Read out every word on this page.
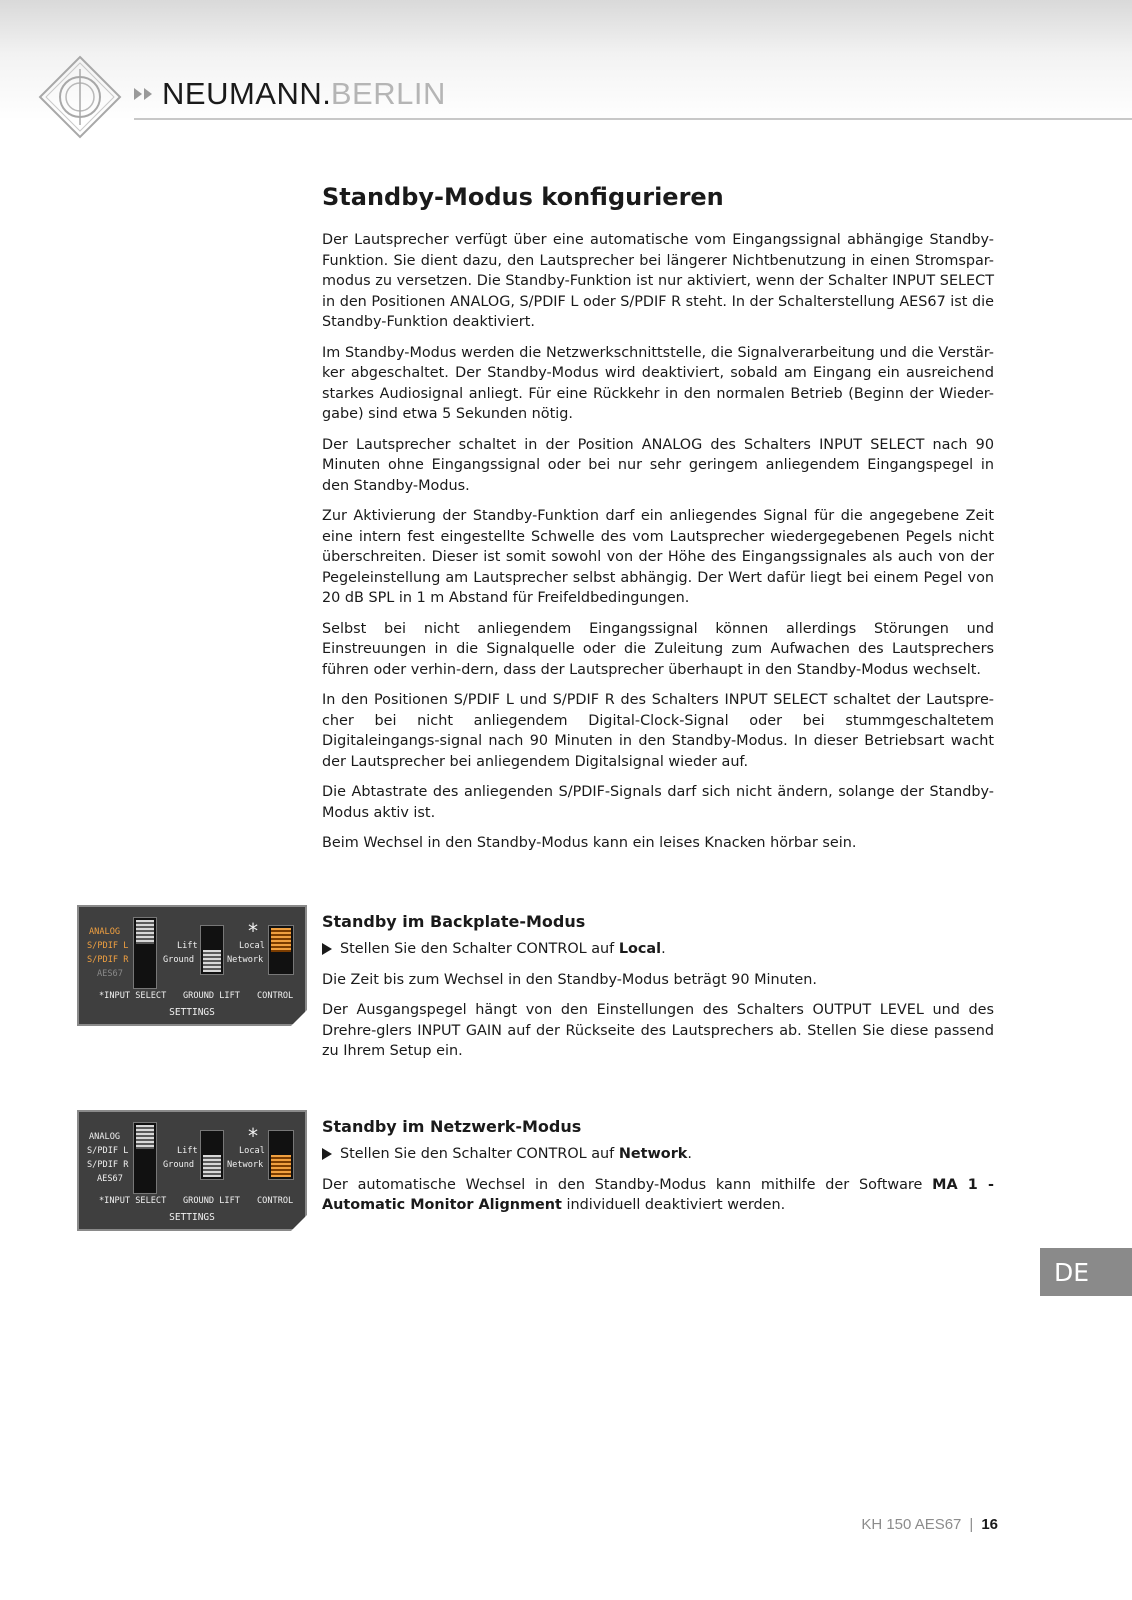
NEUMANN . BERLIN
Standby-Modus konfigurieren

Der Lautsprecher verfügt über eine automatische vom Eingangssignal abhängige Standby-Funktion. Sie dient dazu, den Lautsprecher bei längerer Nichtbenutzung in einen Stromspar-modus zu versetzen. Die Standby-Funktion ist nur aktiviert, wenn der Schalter INPUT SELECT in den Positionen ANALOG, S/PDIF L oder S/PDIF R steht. In der Schalterstellung AES67 ist die Standby-Funktion deaktiviert.

Im Standby-Modus werden die Netzwerkschnittstelle, die Signalverarbeitung und die Verstär-ker abgeschaltet. Der Standby-Modus wird deaktiviert, sobald am Eingang ein ausreichend starkes Audiosignal anliegt. Für eine Rückkehr in den normalen Betrieb (Beginn der Wieder-gabe) sind etwa 5 Sekunden nötig.

Der Lautsprecher schaltet in der Position ANALOG des Schalters INPUT SELECT nach 90 Minuten ohne Eingangssignal oder bei nur sehr geringem anliegendem Eingangspegel in den Standby-Modus.

Zur Aktivierung der Standby-Funktion darf ein anliegendes Signal für die angegebene Zeit eine intern fest eingestellte Schwelle des vom Lautsprecher wiedergegebenen Pegels nicht überschreiten. Dieser ist somit sowohl von der Höhe des Eingangssignales als auch von der Pegeleinstellung am Lautsprecher selbst abhängig. Der Wert dafür liegt bei einem Pegel von 20 dB SPL in 1 m Abstand für Freifeldbedingungen.

Selbst bei nicht anliegendem Eingangssignal können allerdings Störungen und Einstreuungen in die Signalquelle oder die Zuleitung zum Aufwachen des Lautsprechers führen oder verhin-dern, dass der Lautsprecher überhaupt in den Standby-Modus wechselt.

In den Positionen S/PDIF L und S/PDIF R des Schalters INPUT SELECT schaltet der Lautspre-cher bei nicht anliegendem Digital-Clock-Signal oder bei stummgeschaltetem Digitaleingangs-signal nach 90 Minuten in den Standby-Modus. In dieser Betriebsart wacht der Lautsprecher bei anliegendem Digitalsignal wieder auf.

Die Abtastrate des anliegenden S/PDIF-Signals darf sich nicht ändern, solange der Standby-Modus aktiv ist.

Beim Wechsel in den Standby-Modus kann ein leises Knacken hörbar sein.

ANALOG
S/PDIF L
S/PDIF R
AES67
Lift
Ground
*
Local
Network
*INPUT SELECT GROUND LIFT CONTROL
SETTINGS
Standby im Backplate-Modus
Stellen Sie den Schalter CONTROL auf Local.

Die Zeit bis zum Wechsel in den Standby-Modus beträgt 90 Minuten.

Der Ausgangspegel hängt von den Einstellungen des Schalters OUTPUT LEVEL und des Drehre-glers INPUT GAIN auf der Rückseite des Lautsprechers ab. Stellen Sie diese passend zu Ihrem Setup ein.

ANALOG
S/PDIF L
S/PDIF R
AES67
Lift
Ground
*
Local
Network
*INPUT SELECT GROUND LIFT CONTROL
SETTINGS
Standby im Netzwerk-Modus
Stellen Sie den Schalter CONTROL auf Network.

Der automatische Wechsel in den Standby-Modus kann mithilfe der Software MA 1 - Automatic Monitor Alignment individuell deaktiviert werden.

DE
KH 150 AES67 | 16
